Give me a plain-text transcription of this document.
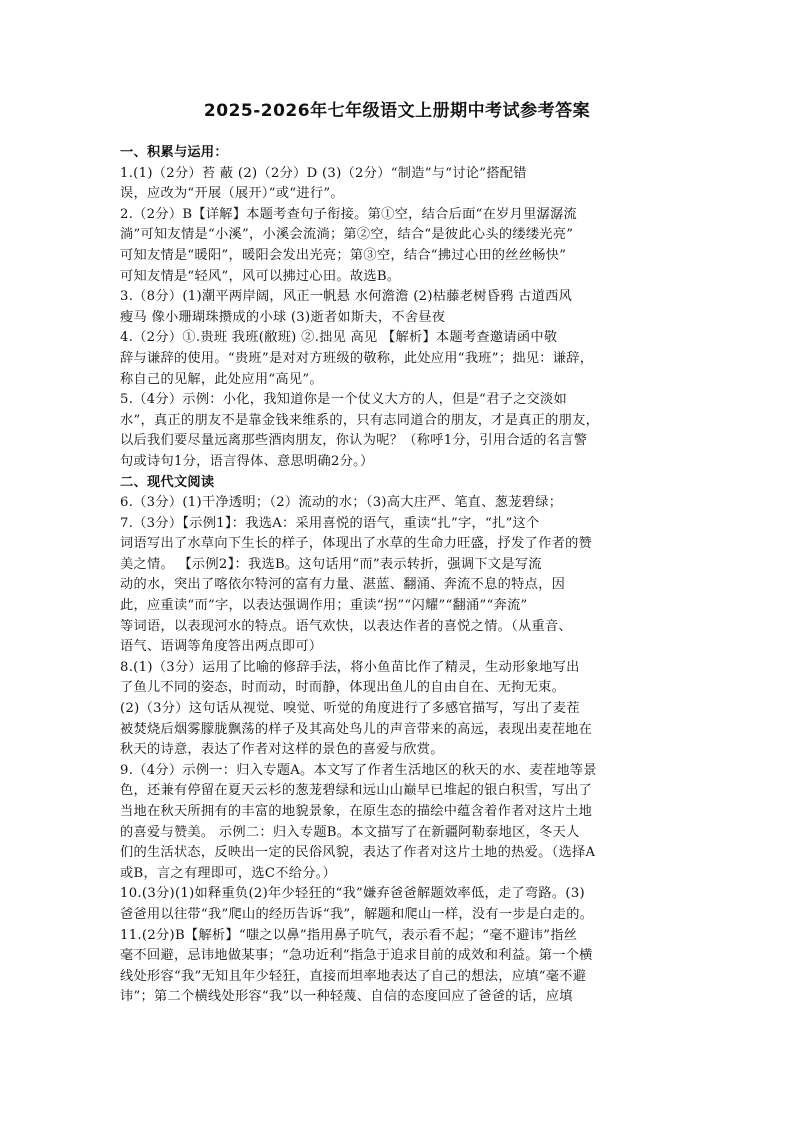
2025-2026年七年级语文上册期中考试参考答案
一、积累与运用：
1.(1)（2分）苔 蔽 (2)（2分）D (3)（2分）“制造”与“讨论”搭配错
误，应改为“开展（展开）”或“进行”。
2.（2分）B【详解】本题考查句子衔接。第①空，结合后面“在岁月里潺潺流
淌”可知友情是“小溪”，小溪会流淌；第②空，结合“是彼此心头的缕缕光亮”
可知友情是“暖阳”，暖阳会发出光亮；第③空，结合“拂过心田的丝丝畅快”
可知友情是“轻风”，风可以拂过心田。故选B。
3.（8分）(1)潮平两岸阔，风正一帆悬 水何澹澹 (2)枯藤老树昏鸦 古道西风
瘦马 像小珊瑚珠攒成的小球 (3)逝者如斯夫，不舍昼夜
4.（2分）①.贵班 我班(敝班) ②.拙见 高见 【解析】本题考查邀请函中敬
辞与谦辞的使用。“贵班”是对对方班级的敬称，此处应用“我班”；拙见：谦辞，
称自己的见解，此处应用“高见”。
5.（4分）示例：小化，我知道你是一个仗义大方的人，但是“君子之交淡如
水”，真正的朋友不是靠金钱来维系的，只有志同道合的朋友，才是真正的朋友，
以后我们要尽量远离那些酒肉朋友，你认为呢？（称呼1分，引用合适的名言警
句或诗句1分，语言得体、意思明确2分。）
二、现代文阅读
6.（3分）(1)干净透明；（2）流动的水；（3)高大庄严、笔直、葱茏碧绿；
7.（3分）【示例1】：我选A：采用喜悦的语气，重读“扎”字，“扎”这个
词语写出了水草向下生长的样子，体现出了水草的生命力旺盛，抒发了作者的赞
美之情。 【示例2】：我选B。这句话用“而”表示转折，强调下文是写流
动的水，突出了喀依尔特河的富有力量、湛蓝、翻涌、奔流不息的特点，因
此，应重读“而”字，以表达强调作用；重读“拐”“闪耀”“翻涌”“奔流”
等词语，以表现河水的特点。语气欢快，以表达作者的喜悦之情。（从重音、
语气、语调等角度答出两点即可）
8.(1)（3分）运用了比喻的修辞手法，将小鱼苗比作了精灵，生动形象地写出
了鱼儿不同的姿态，时而动，时而静，体现出鱼儿的自由自在、无拘无束。
(2)（3分）这句话从视觉、嗅觉、听觉的角度进行了多感官描写，写出了麦茬
被焚烧后烟雾朦胧飘荡的样子及其高处鸟儿的声音带来的高远，表现出麦茬地在
秋天的诗意，表达了作者对这样的景色的喜爱与欣赏。
9.（4分）示例一：归入专题A。本文写了作者生活地区的秋天的水、麦茬地等景
色，还兼有停留在夏天云杉的葱茏碧绿和远山山巅早已堆起的银白积雪，写出了
当地在秋天所拥有的丰富的地貌景象，在原生态的描绘中蕴含着作者对这片土地
的喜爱与赞美。 示例二：归入专题B。本文描写了在新疆阿勒泰地区，冬天人
们的生活状态，反映出一定的民俗风貌，表达了作者对这片土地的热爱。（选择A
或B，言之有理即可，选C不给分。）
10.(3分)(1)如释重负(2)年少轻狂的“我”嫌弃爸爸解题效率低，走了弯路。(3)
爸爸用以往带“我”爬山的经历告诉“我”，解题和爬山一样，没有一步是白走的。
11.(2分)B【解析】“嗤之以鼻”指用鼻子吭气，表示看不起；“毫不避讳”指丝
毫不回避，忌讳地做某事；“急功近利”指急于追求目前的成效和利益。第一个横
线处形容“我”无知且年少轻狂，直接而坦率地表达了自己的想法，应填“毫不避
讳”；第二个横线处形容“我”以一种轻蔑、自信的态度回应了爸爸的话，应填
